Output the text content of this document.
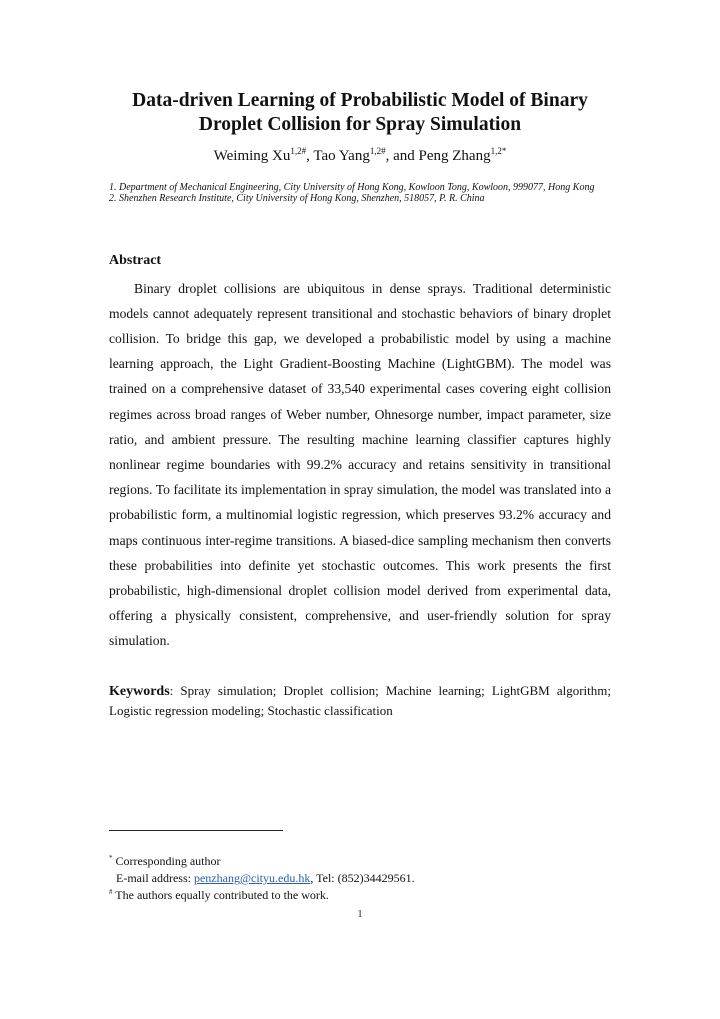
Data-driven Learning of Probabilistic Model of Binary
Droplet Collision for Spray Simulation
Weiming $Xu^{1,2\#}$, Tao Yang$^{1,2\#}$, and Peng Zhang$^{1,2*}$
1. Department of Mechanical Engineering, City University of Hong Kong, Kowloon Tong, Kowloon, 999077, Hong Kong
2. Shenzhen Research Institute, City University of Hong Kong, Shenzhen, 518057, P. R. China
Abstract

Binary droplet collisions are ubiquitous in dense sprays. Traditional deterministic models cannot adequately represent transitional and stochastic behaviors of binary droplet collision. To bridge this gap, we developed a probabilistic model by using a machine learning approach, the Light Gradient-Boosting Machine (LightGBM). The model was trained on a comprehensive dataset of 33,540 experimental cases covering eight collision regimes across broad ranges of Weber number, Ohnesorge number, impact parameter, size ratio, and ambient pressure. The resulting machine learning classifier captures highly nonlinear regime boundaries with 99.2% accuracy and retains sensitivity in transitional regions. To facilitate its implementation in spray simulation, the model was translated into a probabilistic form, a multinomial logistic regression, which preserves 93.2% accuracy and maps continuous inter-regime transitions. A biased-dice sampling mechanism then converts these probabilities into definite yet stochastic outcomes. This work presents the first probabilistic, high-dimensional droplet collision model derived from experimental data, offering a physically consistent, comprehensive, and user-friendly solution for spray simulation.

Keywords: Spray simulation; Droplet collision; Machine learning; LightGBM algorithm; Logistic regression modeling; Stochastic classification

* Corresponding author
E-mail address: penzhang@cityu.edu.hk, Tel: (852)34429561.
# The authors equally contributed to the work.
1
